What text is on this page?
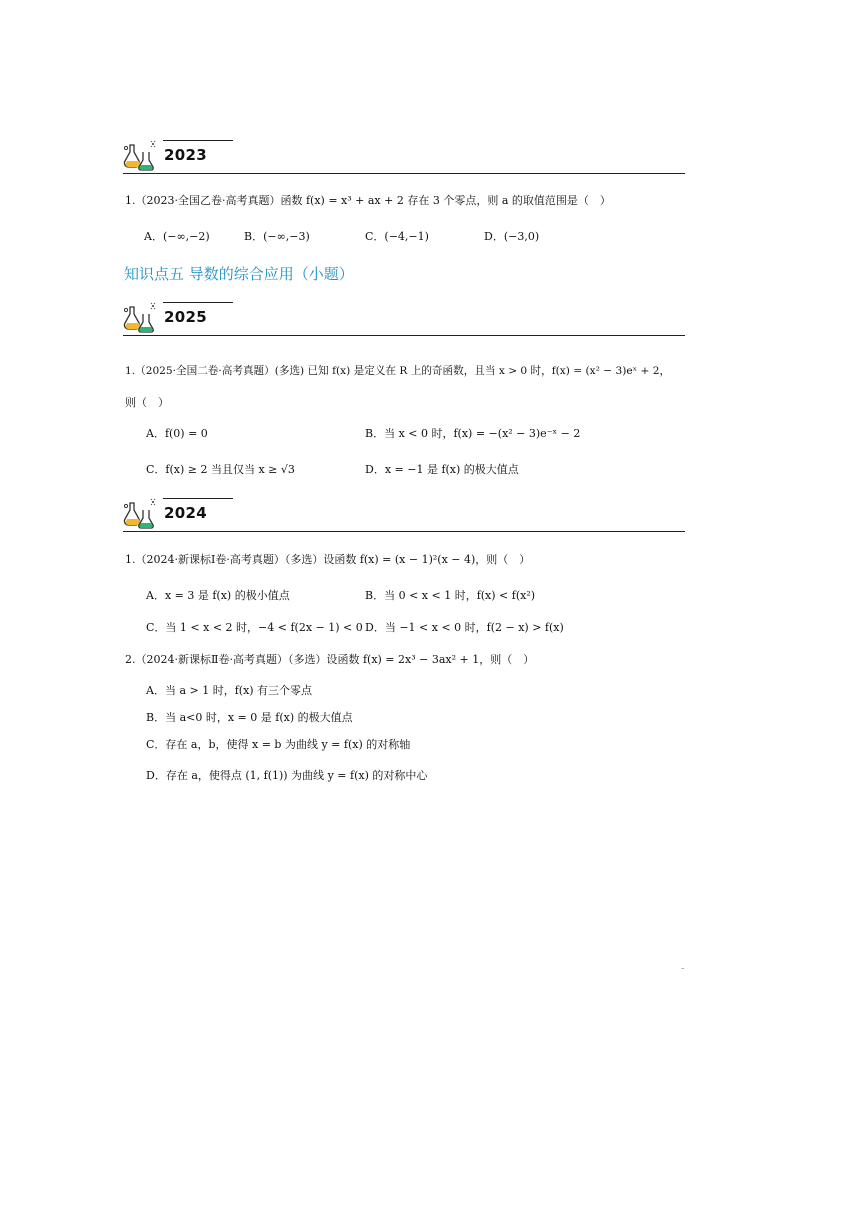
2023
1.（2023·全国乙卷·高考真题）函数 f(x) = x³ + ax + 2 存在 3 个零点，则 a 的取值范围是（　）
A．(−∞,−2)	B．(−∞,−3)	C．(−4,−1)	D．(−3,0)
知识点五 导数的综合应用（小题）
2025
1.（2025·全国二卷·高考真题）(多选) 已知 f(x) 是定义在 R 上的奇函数，且当 x > 0 时，f(x) = (x² − 3)eˣ + 2，
则（　）
A．f(0) = 0	B．当 x < 0 时，f(x) = −(x² − 3)e⁻ˣ − 2
C．f(x) ≥ 2 当且仅当 x ≥ √3	D．x = −1 是 f(x) 的极大值点
2024
1.（2024·新课标Ⅰ卷·高考真题）（多选）设函数 f(x) = (x − 1)²(x − 4)，则（　）
A．x = 3 是 f(x) 的极小值点	B．当 0 < x < 1 时，f(x) < f(x²)
C．当 1 < x < 2 时，−4 < f(2x − 1) < 0 D．当 −1 < x < 0 时，f(2 − x) > f(x)
2.（2024·新课标Ⅱ卷·高考真题）（多选）设函数 f(x) = 2x³ − 3ax² + 1，则（　）
A．当 a > 1 时，f(x) 有三个零点
B．当 a<0 时，x = 0 是 f(x) 的极大值点
C．存在 a，b，使得 x = b 为曲线 y = f(x) 的对称轴
D．存在 a，使得点 (1, f(1)) 为曲线 y = f(x) 的对称中心
˜
